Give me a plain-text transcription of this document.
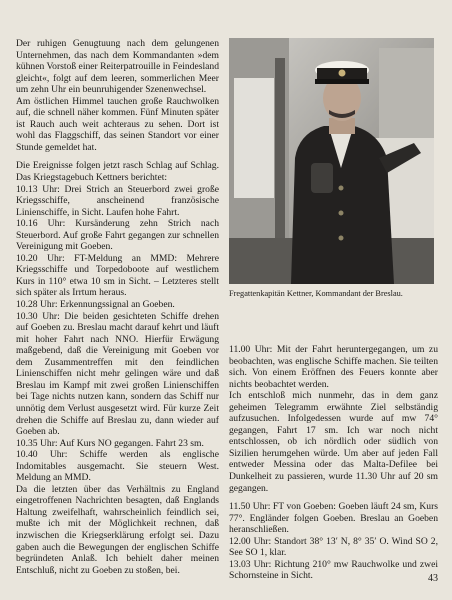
Der ruhigen Genugtuung nach dem gelungenen Unternehmen, das nach dem Kommandanten »dem kühnen Vorstoß einer Reiterpatrouille in Feindesland gleicht«, folgt auf dem leeren, sommerlichen Meer um zehn Uhr ein beunruhigender Szenenwechsel.

Am östlichen Himmel tauchen große Rauchwolken auf, die schnell näher kommen. Fünf Minuten später ist Rauch auch weit achteraus zu sehen. Dort ist wohl das Flaggschiff, das seinen Standort vor einer Stunde gemeldet hat.

Die Ereignisse folgen jetzt rasch Schlag auf Schlag. Das Kriegstagebuch Kettners berichtet:

10.13 Uhr: Drei Strich an Steuerbord zwei große Kriegsschiffe, anscheinend französische Linienschiffe, in Sicht. Laufen hohe Fahrt.

10.16 Uhr: Kursänderung zehn Strich nach Steuerbord. Auf große Fahrt gegangen zur schnellen Vereinigung mit Goeben.

10.20 Uhr: FT-Meldung an MMD: Mehrere Kriegsschiffe und Torpedoboote auf westlichem Kurs in 110° etwa 10 sm in Sicht. – Letzteres stellt sich später als Irrtum heraus.

10.28 Uhr: Erkennungssignal an Goeben.

10.30 Uhr: Die beiden gesichteten Schiffe drehen auf Goeben zu. Breslau macht darauf kehrt und läuft mit hoher Fahrt nach NNO. Hierfür Erwägung maßgebend, daß die Vereinigung mit Goeben vor dem Zusammentreffen mit den feindlichen Linienschiffen nicht mehr gelingen wäre und daß Breslau im Kampf mit zwei großen Linienschiffen bei Tage nichts nutzen kann, sondern das Schiff nur unnötig dem Verlust ausgesetzt wird. Für kurze Zeit drehen die Schiffe auf Breslau zu, dann wieder auf Goeben ab.

10.35 Uhr: Auf Kurs NO gegangen. Fahrt 23 sm.

10.40 Uhr: Schiffe werden als englische Indomitables ausgemacht. Sie steuern West. Meldung an MMD.

Da die letzten über das Verhältnis zu England eingetroffenen Nachrichten besagten, daß Englands Haltung zweifelhaft, wahrscheinlich feindlich sei, mußte ich mit der Möglichkeit rechnen, daß inzwischen die Kriegserklärung erfolgt sei. Dazu gaben auch die Bewegungen der englischen Schiffe begründeten Anlaß. Ich behielt daher meinen Entschluß, nicht zu Goeben zu stoßen, bei.

Fregattenkapitän Kettner, Kommandant der Breslau.

11.00 Uhr: Mit der Fahrt heruntergegangen, um zu beobachten, was englische Schiffe machen. Sie teilten sich. Von einem Eröffnen des Feuers konnte aber nichts beobachtet werden.

Ich entschloß mich nunmehr, das in dem ganz geheimen Telegramm erwähnte Ziel selbständig aufzusuchen. Infolgedessen wurde auf mw 74° gegangen, Fahrt 17 sm. Ich war noch nicht entschlossen, ob ich nördlich oder südlich von Sizilien herumgehen würde. Um aber auf jeden Fall entweder Messina oder das Malta-Defilee bei Dunkelheit zu passieren, wurde 11.30 Uhr auf 20 sm gegangen.

11.50 Uhr: FT von Goeben: Goeben läuft 24 sm, Kurs 77°. Engländer folgen Goeben. Breslau an Goeben heranschließen.

12.00 Uhr: Standort 38° 13′ N, 8° 35′ O. Wind SO 2, See SO 1, klar.

13.03 Uhr: Richtung 210° mw Rauchwolke und zwei Schornsteine in Sicht.	43
